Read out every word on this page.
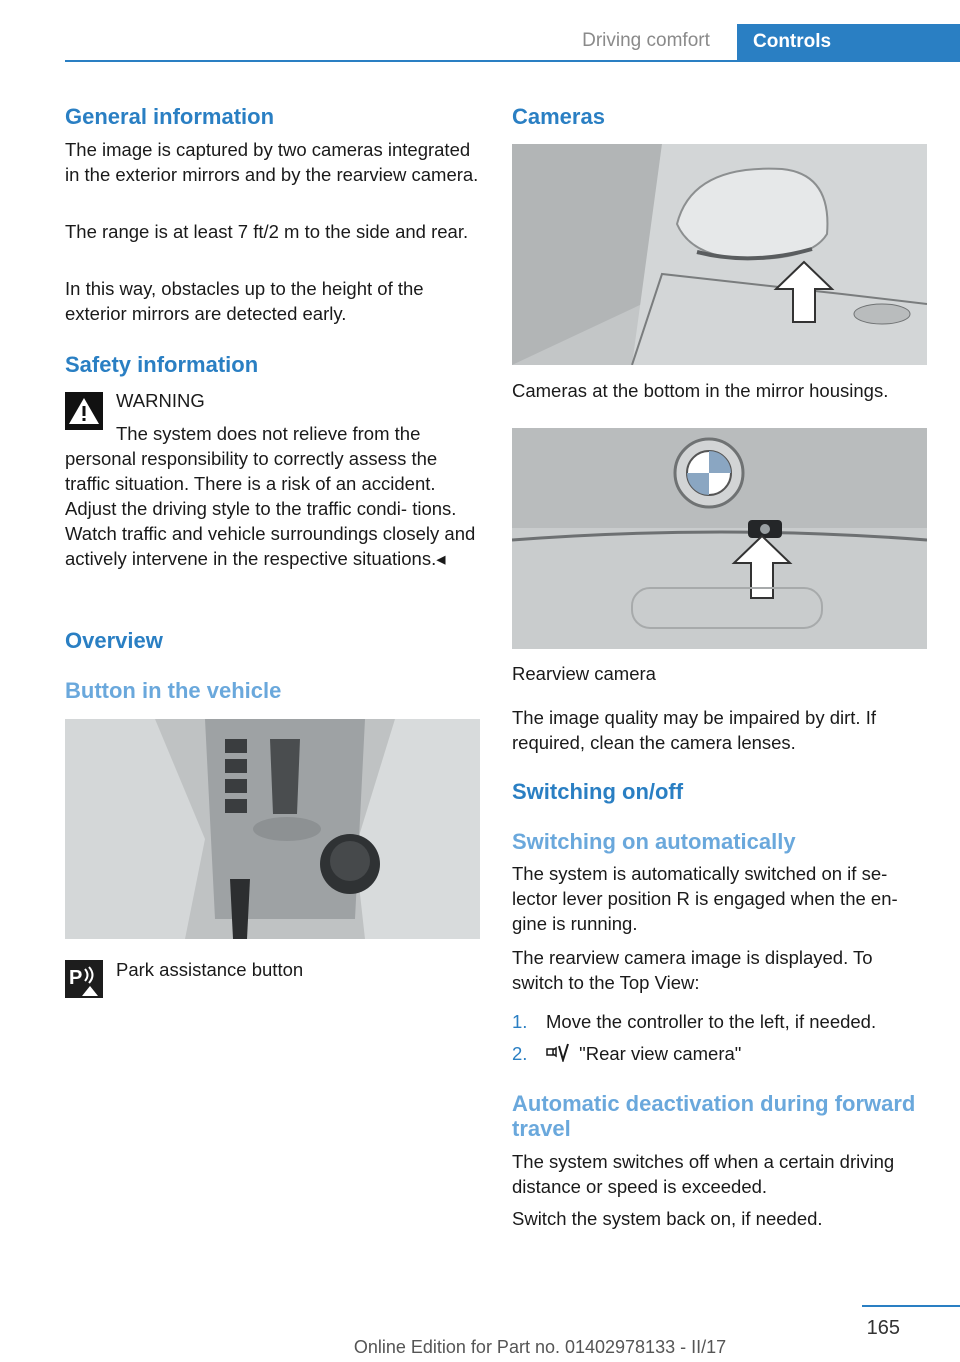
Driving comfort	Controls
General information

The image is captured by two cameras integrated in the exterior mirrors and by the rearview camera.

The range is at least 7 ft/2 m to the side and rear.

In this way, obstacles up to the height of the exterior mirrors are detected early.

Safety information

WARNING

The system does not relieve from the personal responsibility to correctly assess the traffic situation. There is a risk of an accident. Adjust the driving style to the traffic condi‐ tions. Watch traffic and vehicle surroundings closely and actively intervene in the respective situations.◂

Overview
Button in the vehicle
P Park assistance button

Cameras

Cameras at the bottom in the mirror housings.

Rearview camera

The image quality may be impaired by dirt. If required, clean the camera lenses.

Switching on/off
Switching on automatically

The system is automatically switched on if se‐ lector lever position R is engaged when the en‐ gine is running.

The rearview camera image is displayed. To switch to the Top View:

1. Move the controller to the left, if needed.
2.	"Rear view camera"
Automatic deactivation during forward travel

The system switches off when a certain driving distance or speed is exceeded.

Switch the system back on, if needed.

165
Online Edition for Part no. 01402978133 - II/17
